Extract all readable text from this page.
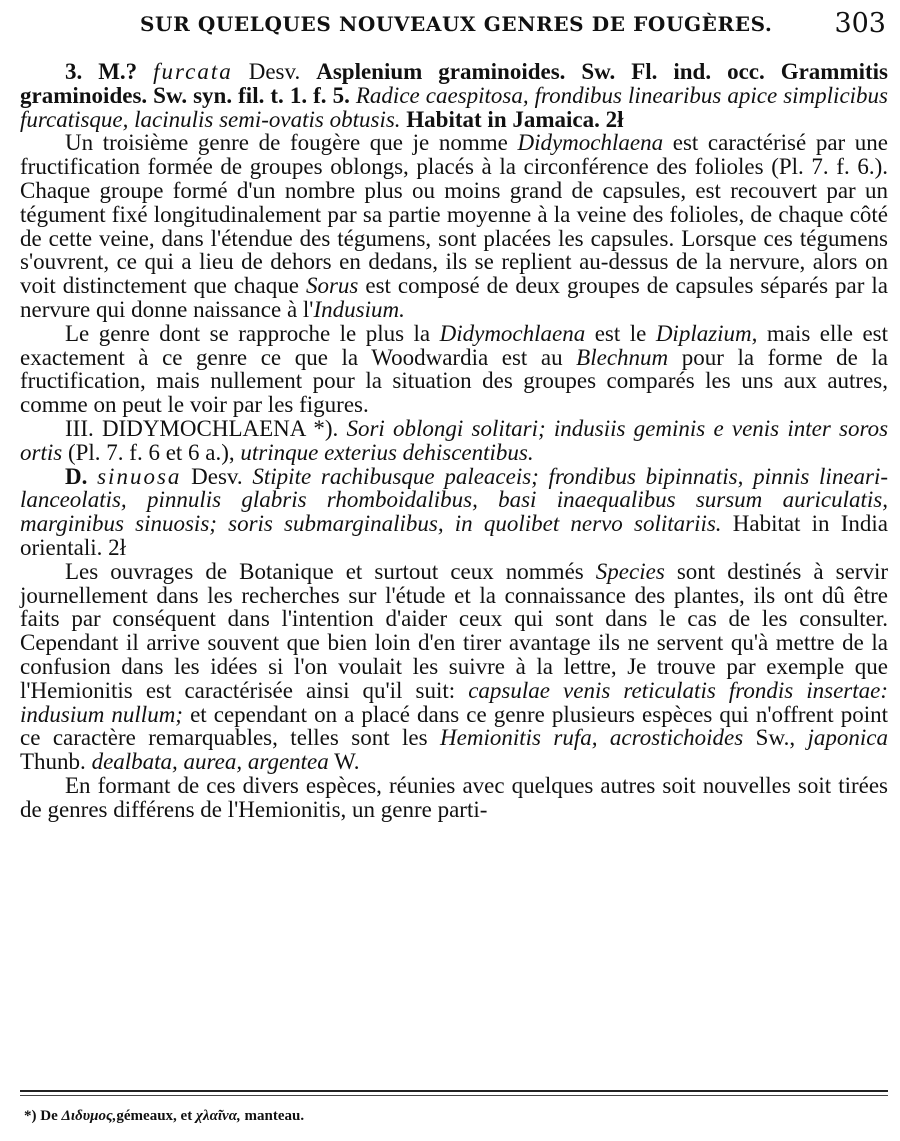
SUR QUELQUES NOUVEAUX GENRES DE FOUGÈRES. 303

3. M.? furcata Desv. Asplenium graminoides. Sw. Fl. ind. occ. Grammitis graminoides. Sw. syn. fil. t. 1. f. 5. Radice caespitosa, frondibus linearibus apice simplicibus furcatisque, lacinulis semi-ovatis obtusis. Habitat in Jamaica. 2ł

Un troisième genre de fougère que je nomme Didymochlaena est caractérisé par une fructification formée de groupes oblongs, placés à la circonférence des folioles (Pl. 7. f. 6.). Chaque groupe formé d'un nombre plus ou moins grand de capsules, est recouvert par un tégument fixé longitudinalement par sa partie moyenne à la veine des folioles, de chaque côté de cette veine, dans l'étendue des tégumens, sont placées les capsules. Lorsque ces tégumens s'ouvrent, ce qui a lieu de dehors en dedans, ils se replient au-dessus de la nervure, alors on voit distinctement que chaque Sorus est composé de deux groupes de capsules séparés par la nervure qui donne naissance à l'Indusium.

Le genre dont se rapproche le plus la Didymochlaena est le Diplazium, mais elle est exactement à ce genre ce que la Woodwardia est au Blechnum pour la forme de la fructification, mais nullement pour la situation des groupes comparés les uns aux autres, comme on peut le voir par les figures.

III. DIDYMOCHLAENA *). Sori oblongi solitari; indusiis geminis e venis inter soros ortis (Pl. 7. f. 6 et 6 a.), utrinque exterius dehiscentibus.

D. sinuosa Desv. Stipite rachibusque paleaceis; frondibus bipinnatis, pinnis lineari-lanceolatis, pinnulis glabris rhomboidalibus, basi inaequalibus sursum auriculatis, marginibus sinuosis; soris submarginalibus, in quolibet nervo solitariis. Habitat in India orientali. 2ł

Les ouvrages de Botanique et surtout ceux nommés Species sont destinés à servir journellement dans les recherches sur l'étude et la connaissance des plantes, ils ont dû être faits par conséquent dans l'intention d'aider ceux qui sont dans le cas de les consulter. Cependant il arrive souvent que bien loin d'en tirer avantage ils ne servent qu'à mettre de la confusion dans les idées si l'on voulait les suivre à la lettre, Je trouve par exemple que l'Hemionitis est caractérisée ainsi qu'il suit: capsulae venis reticulatis frondis insertae: indusium nullum; et cependant on a placé dans ce genre plusieurs espèces qui n'offrent point ce caractère remarquables, telles sont les Hemionitis rufa, acrostichoides Sw., japonica Thunb. dealbata, aurea, argentea W.

En formant de ces divers espèces, réunies avec quelques autres soit nouvelles soit tirées de genres différens de l'Hemionitis, un genre parti-

*) De Διδυμος,gémeaux, et χλαῖνα, manteau.
